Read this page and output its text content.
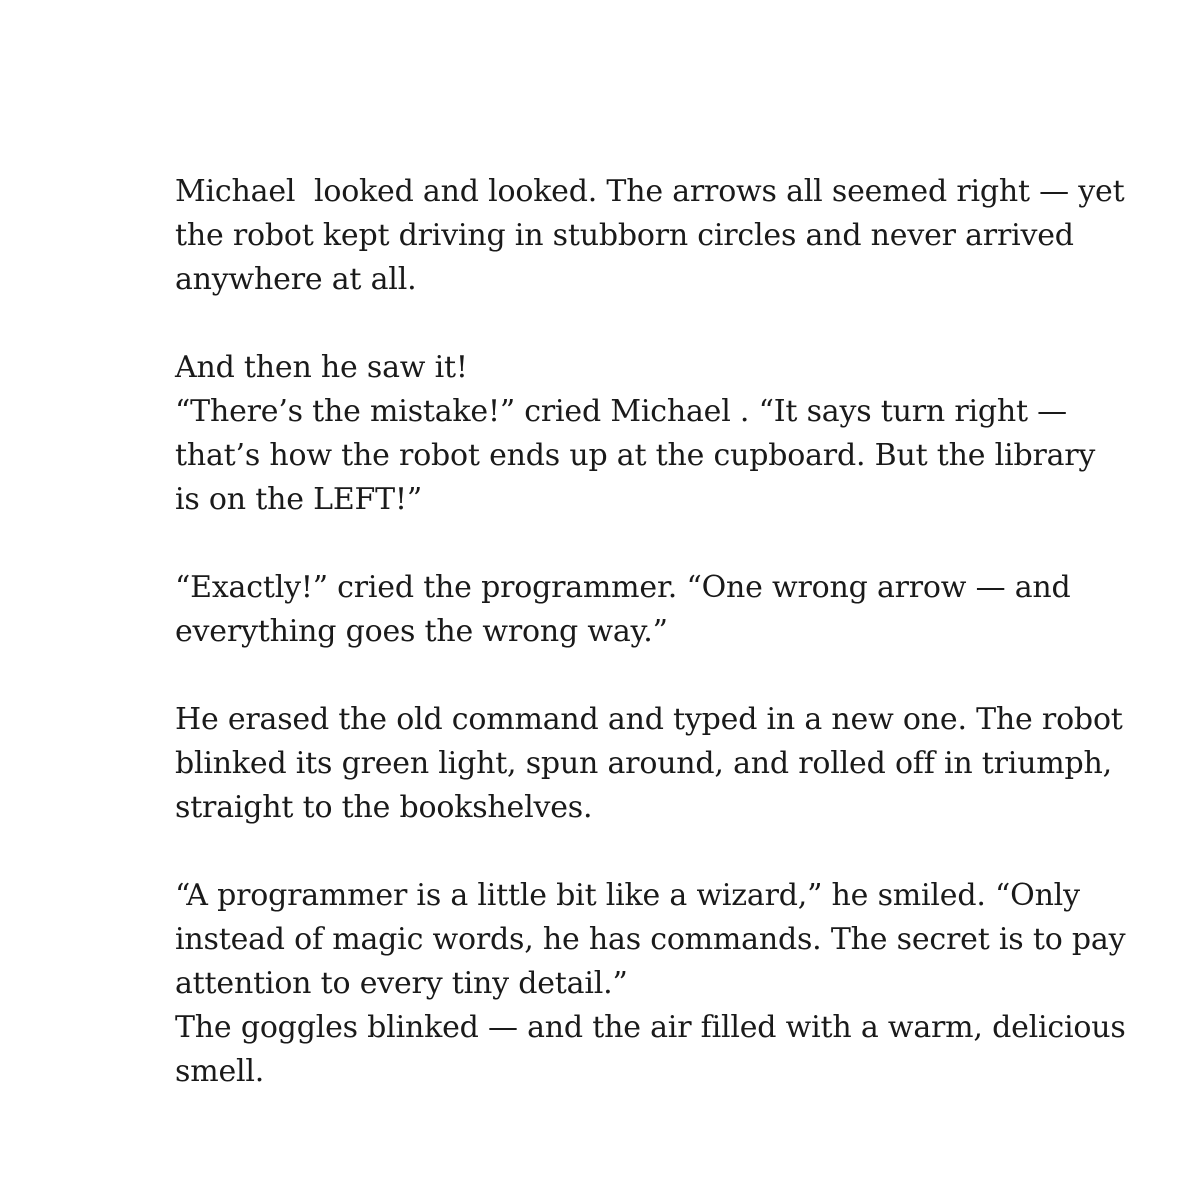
Michael  looked and looked. The arrows all seemed right — yet
the robot kept driving in stubborn circles and never arrived
anywhere at all.

And then he saw it!
“There’s the mistake!” cried Michael . “It says turn right —
that’s how the robot ends up at the cupboard. But the library
is on the LEFT!”

“Exactly!” cried the programmer. “One wrong arrow — and
everything goes the wrong way.”

He erased the old command and typed in a new one. The robot
blinked its green light, spun around, and rolled off in triumph,
straight to the bookshelves.

“A programmer is a little bit like a wizard,” he smiled. “Only
instead of magic words, he has commands. The secret is to pay
attention to every tiny detail.”
The goggles blinked — and the air filled with a warm, delicious
smell.
